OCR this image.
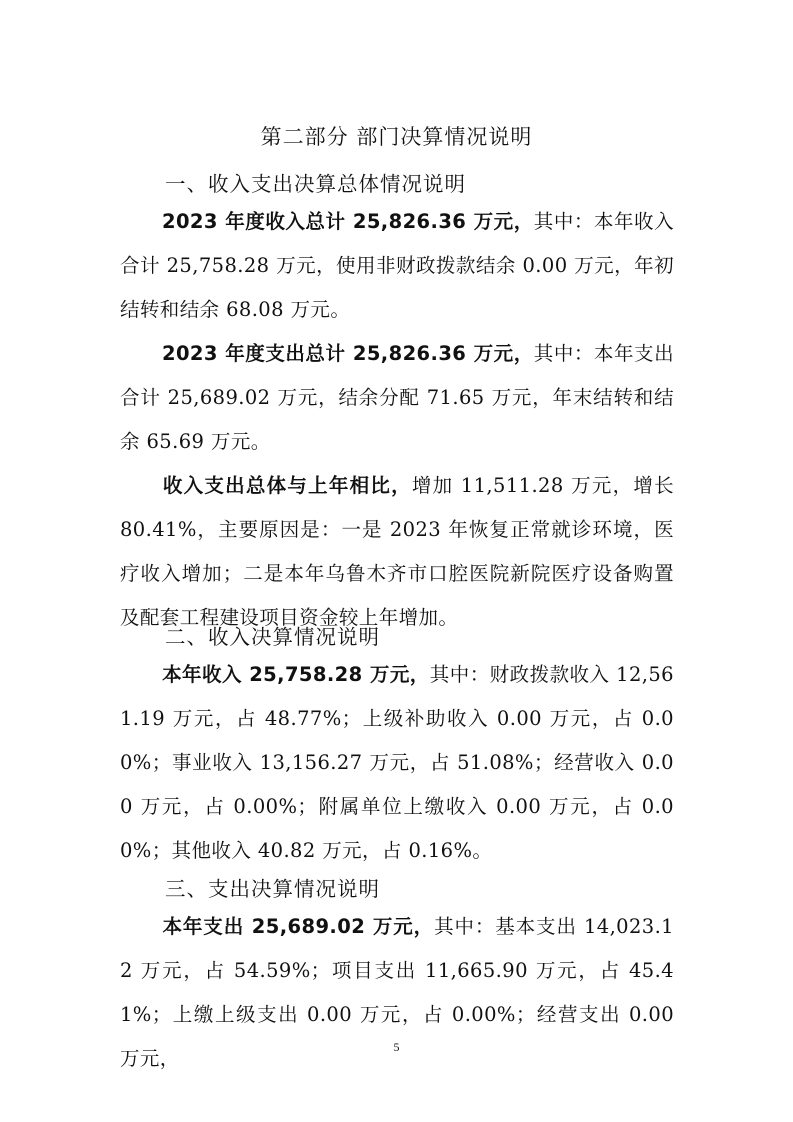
第二部分 部门决算情况说明
一、收入支出决算总体情况说明
2023 年度收入总计 25,826.36 万元，其中：本年收入合计 25,758.28 万元，使用非财政拨款结余 0.00 万元，年初结转和结余 68.08 万元。
2023 年度支出总计 25,826.36 万元，其中：本年支出合计 25,689.02 万元，结余分配 71.65 万元，年末结转和结余 65.69 万元。
收入支出总体与上年相比，增加 11,511.28 万元，增长 80.41%，主要原因是：一是 2023 年恢复正常就诊环境，医疗收入增加；二是本年乌鲁木齐市口腔医院新院医疗设备购置及配套工程建设项目资金较上年增加。
二、收入决算情况说明
本年收入 25,758.28 万元，其中：财政拨款收入 12,561.19 万元，占 48.77%；上级补助收入 0.00 万元，占 0.00%；事业收入 13,156.27 万元，占 51.08%；经营收入 0.00 万元，占 0.00%；附属单位上缴收入 0.00 万元，占 0.00%；其他收入 40.82 万元，占 0.16%。
三、支出决算情况说明
本年支出 25,689.02 万元，其中：基本支出 14,023.12 万元，占 54.59%；项目支出 11,665.90 万元，占 45.41%；上缴上级支出 0.00 万元，占 0.00%；经营支出 0.00 万元，	5
